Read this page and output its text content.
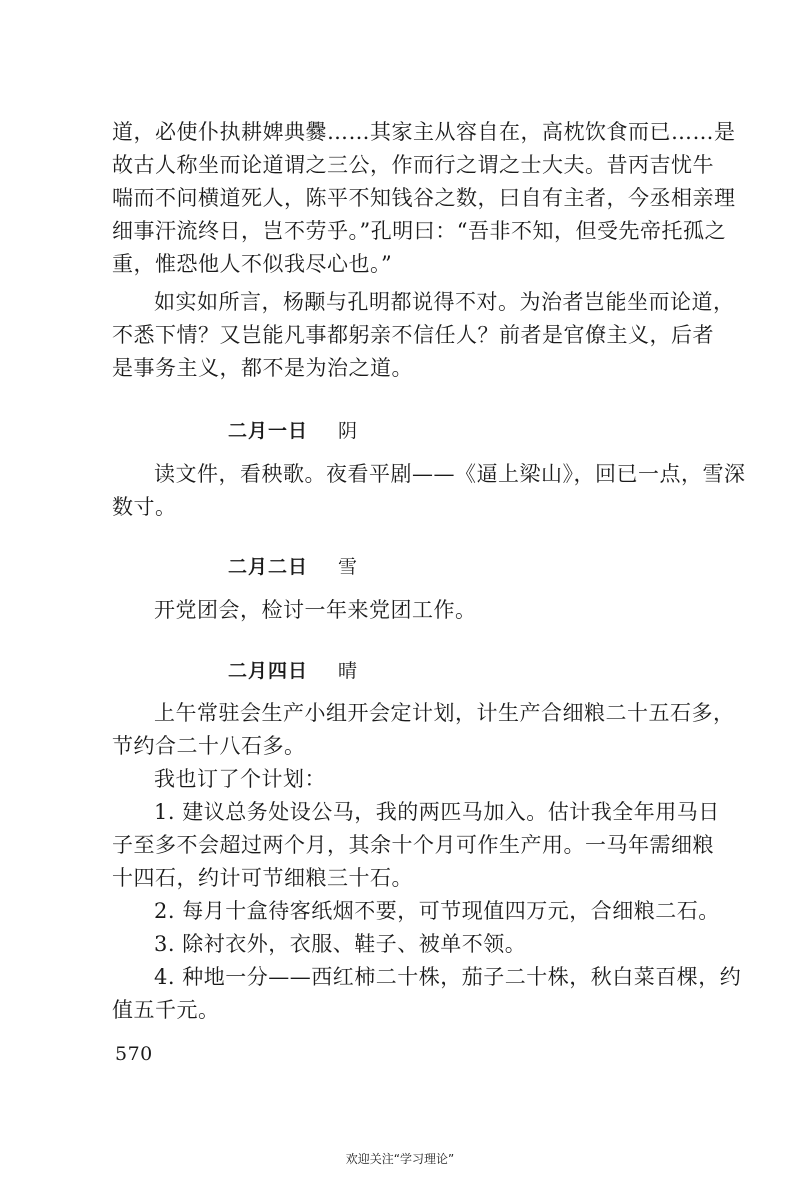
道，必使仆执耕婢典爨……其家主从容自在，高枕饮食而已……是
故古人称坐而论道谓之三公，作而行之谓之士大夫。昔丙吉忧牛
喘而不问横道死人，陈平不知钱谷之数，曰自有主者，今丞相亲理
细事汗流终日，岂不劳乎。”孔明曰：“吾非不知，但受先帝托孤之
重，惟恐他人不似我尽心也。”

如实如所言，杨颙与孔明都说得不对。为治者岂能坐而论道，
不悉下情？又岂能凡事都躬亲不信任人？前者是官僚主义，后者
是事务主义，都不是为治之道。

二月一日 阴

读文件，看秧歌。夜看平剧——《逼上梁山》，回已一点，雪深
数寸。

二月二日 雪

开党团会，检讨一年来党团工作。

二月四日 晴

上午常驻会生产小组开会定计划，计生产合细粮二十五石多，
节约合二十八石多。
我也订了个计划：
1. 建议总务处设公马，我的两匹马加入。估计我全年用马日
子至多不会超过两个月，其余十个月可作生产用。一马年需细粮
十四石，约计可节细粮三十石。
2. 每月十盒待客纸烟不要，可节现值四万元，合细粮二石。
3. 除衬衣外，衣服、鞋子、被单不领。
4. 种地一分——西红柿二十株，茄子二十株，秋白菜百棵，约
值五千元。

570
欢迎关注“学习理论”
